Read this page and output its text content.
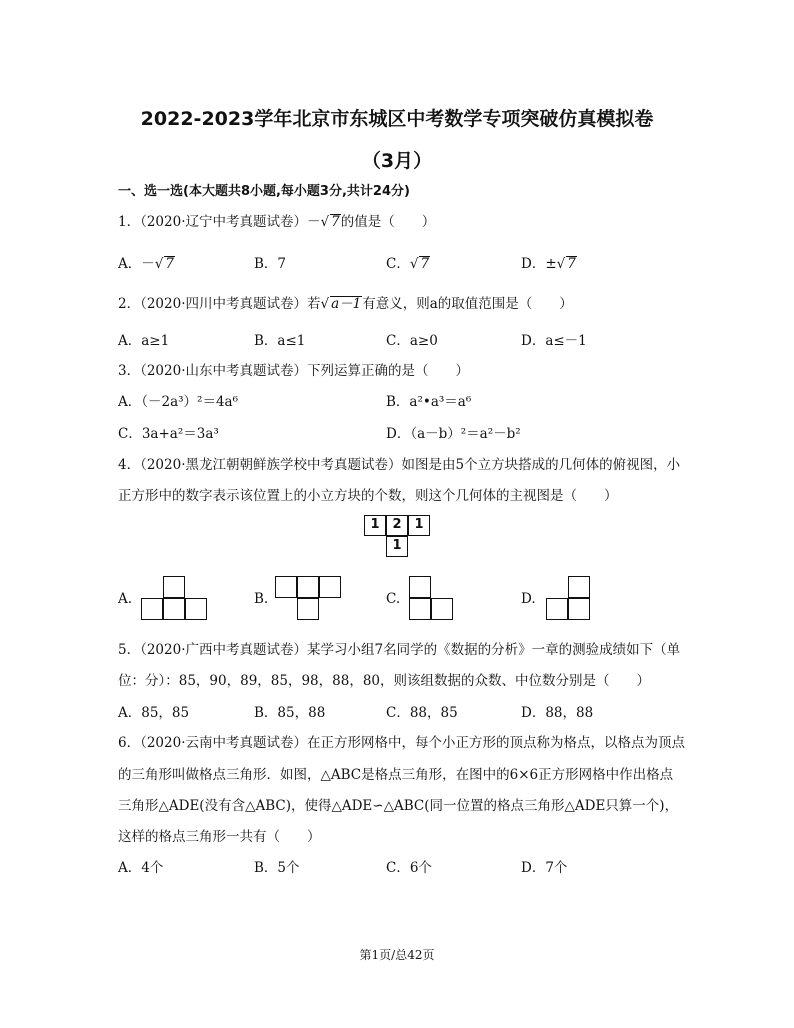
2022-2023学年北京市东城区中考数学专项突破仿真模拟卷
（3月）
一、选一选(本大题共8小题,每小题3分,共计24分)
1．（2020·辽宁中考真题试卷）－√ 7的值是（　　）
A．－√ 7	B．7	C．√ 7	D．±√ 7
2．（2020·四川中考真题试卷）若√ a－1有意义，则a的取值范围是（　　）
A．a≥1	B．a≤1	C．a≥0	D．a≤－1
3．（2020·山东中考真题试卷）下列运算正确的是（　　）
A．（－2a³）²＝4a⁶	B．a²•a³＝a⁶
C．3a+a²＝3a³	D．（a－b）²＝a²－b²
4．（2020·黑龙江朝朝鲜族学校中考真题试卷）如图是由5个立方块搭成的几何体的俯视图，小
正方形中的数字表示该位置上的小立方块的个数，则这个几何体的主视图是（　　）
1 2 1
1
A.	B.	C.	D.
5．（2020·广西中考真题试卷）某学习小组7名同学的《数据的分析》一章的测验成绩如下（单
位：分）：85，90，89，85，98，88，80，则该组数据的众数、中位数分别是（　　）
A．85，85	B．85，88	C．88，85	D．88，88
6．（2020·云南中考真题试卷）在正方形网格中，每个小正方形的顶点称为格点，以格点为顶点
的三角形叫做格点三角形．如图，△ABC是格点三角形，在图中的6×6正方形网格中作出格点
三角形△ADE(没有含△ABC)，使得△ADE∽△ABC(同一位置的格点三角形△ADE只算一个)，
这样的格点三角形一共有（　　）
A．4个	B．5个	C．6个	D．7个
第1页/总42页
